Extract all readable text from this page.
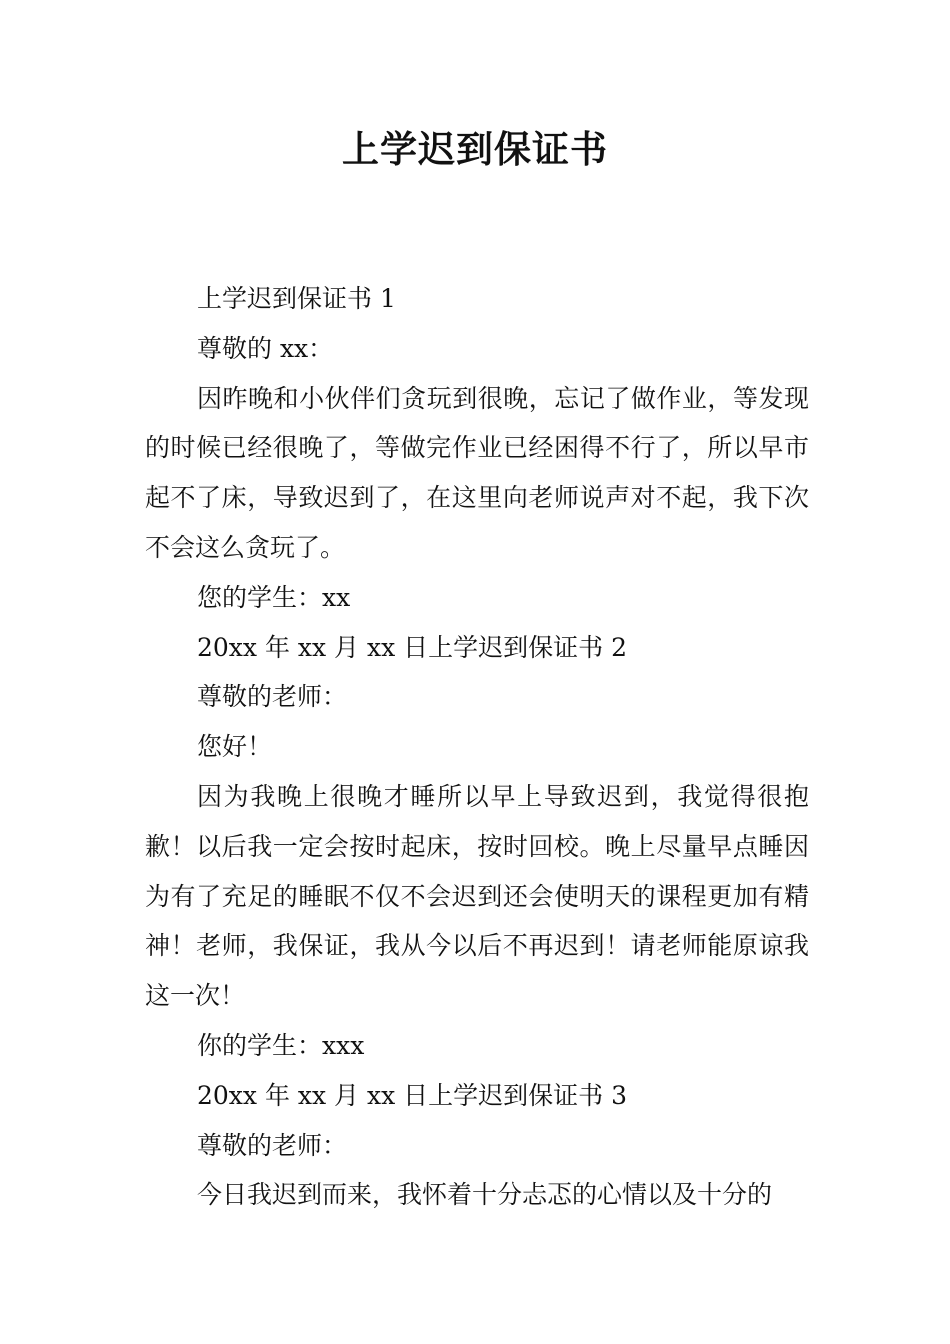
上学迟到保证书

上学迟到保证书 1

尊敬的 xx：

因昨晚和小伙伴们贪玩到很晚，忘记了做作业，等发现的时候已经很晚了，等做完作业已经困得不行了，所以早市起不了床，导致迟到了，在这里向老师说声对不起，我下次不会这么贪玩了。

您的学生：xx

20xx 年 xx 月 xx 日上学迟到保证书 2

尊敬的老师：

您好！

因为我晚上很晚才睡所以早上导致迟到，我觉得很抱歉！以后我一定会按时起床，按时回校。晚上尽量早点睡因为有了充足的睡眠不仅不会迟到还会使明天的课程更加有精神！老师，我保证，我从今以后不再迟到！请老师能原谅我这一次！

你的学生：xxx

20xx 年 xx 月 xx 日上学迟到保证书 3

尊敬的老师：

今日我迟到而来，我怀着十分忐忑的心情以及十分的
